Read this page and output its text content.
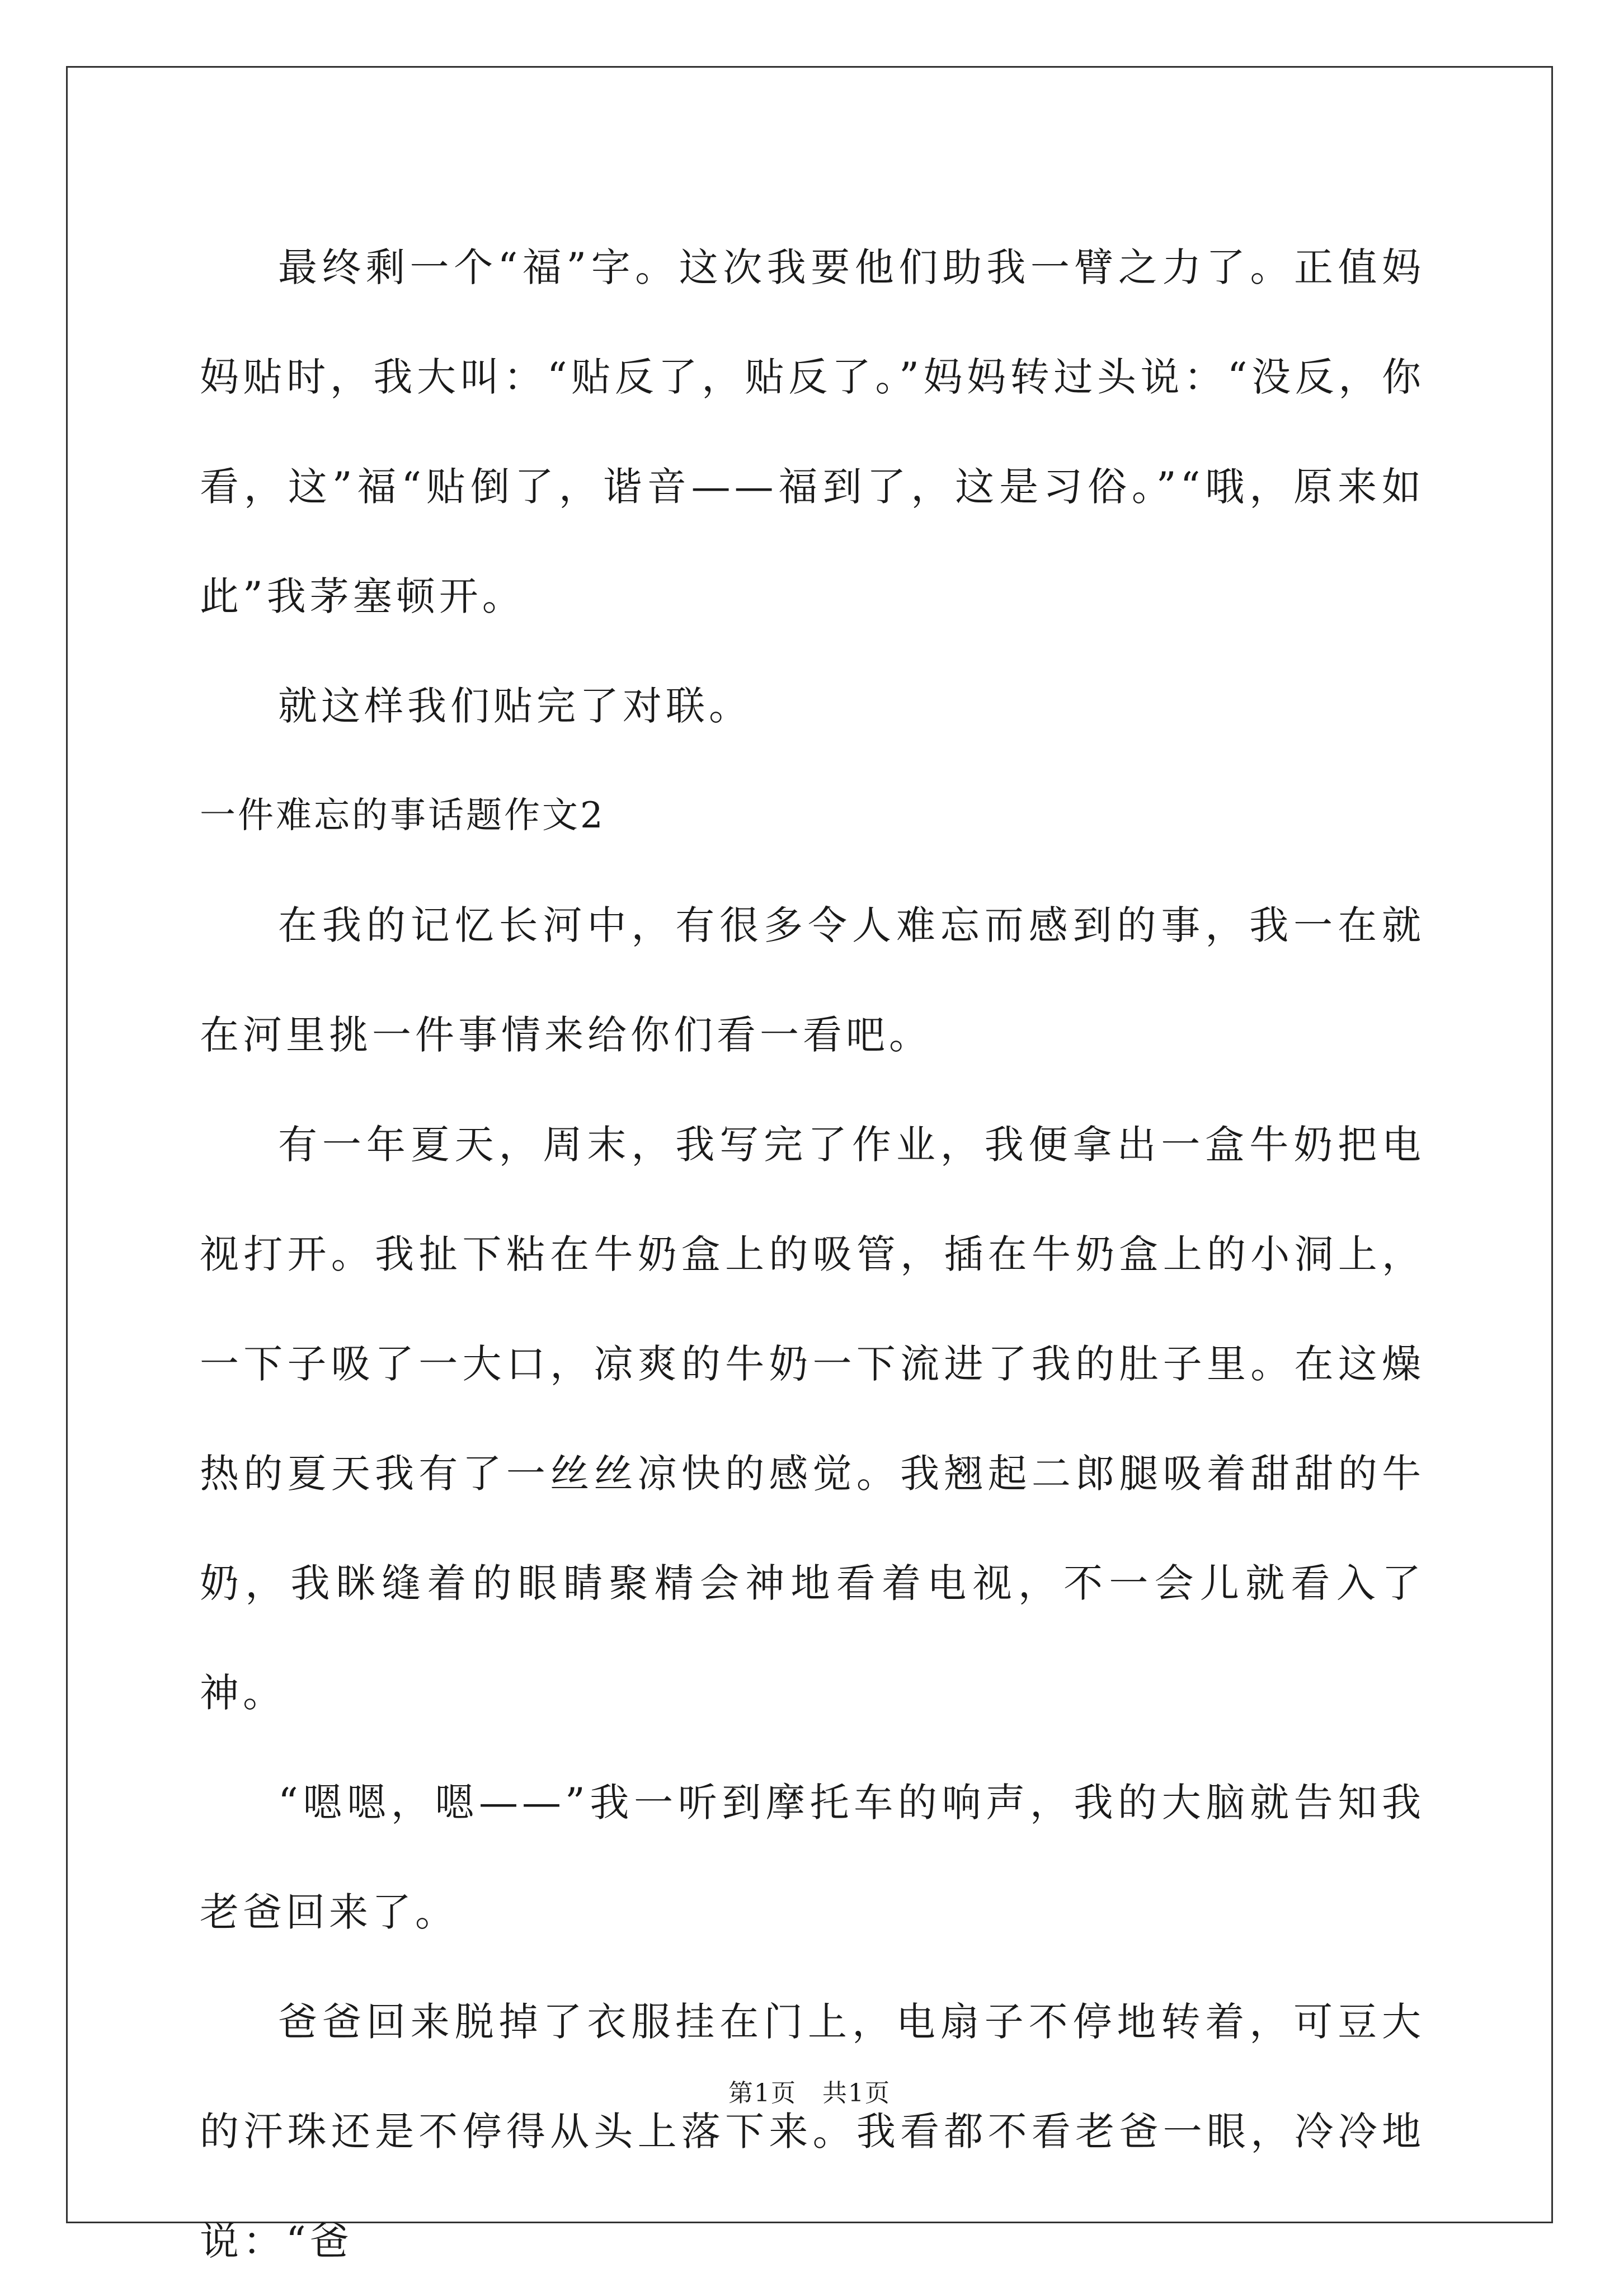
最终剩一个“福”字。这次我要他们助我一臂之力了。正值妈妈贴时，我大叫：“贴反了，贴反了。”妈妈转过头说：“没反，你看，这”福“贴倒了，谐音——福到了，这是习俗。”“哦，原来如此”我茅塞顿开。

就这样我们贴完了对联。

一件难忘的事话题作文2

在我的记忆长河中，有很多令人难忘而感到的事，我一在就在河里挑一件事情来给你们看一看吧。

有一年夏天，周末，我写完了作业，我便拿出一盒牛奶把电视打开。我扯下粘在牛奶盒上的吸管，插在牛奶盒上的小洞上，一下子吸了一大口，凉爽的牛奶一下流进了我的肚子里。在这燥热的夏天我有了一丝丝凉快的感觉。我翘起二郎腿吸着甜甜的牛奶，我眯缝着的眼睛聚精会神地看着电视，不一会儿就看入了神。

“嗯嗯，嗯——”我一听到摩托车的响声，我的大脑就告知我老爸回来了。

爸爸回来脱掉了衣服挂在门上，电扇子不停地转着，可豆大的汗珠还是不停得从头上落下来。我看都不看老爸一眼，冷冷地说：“爸

第1页　共1页
